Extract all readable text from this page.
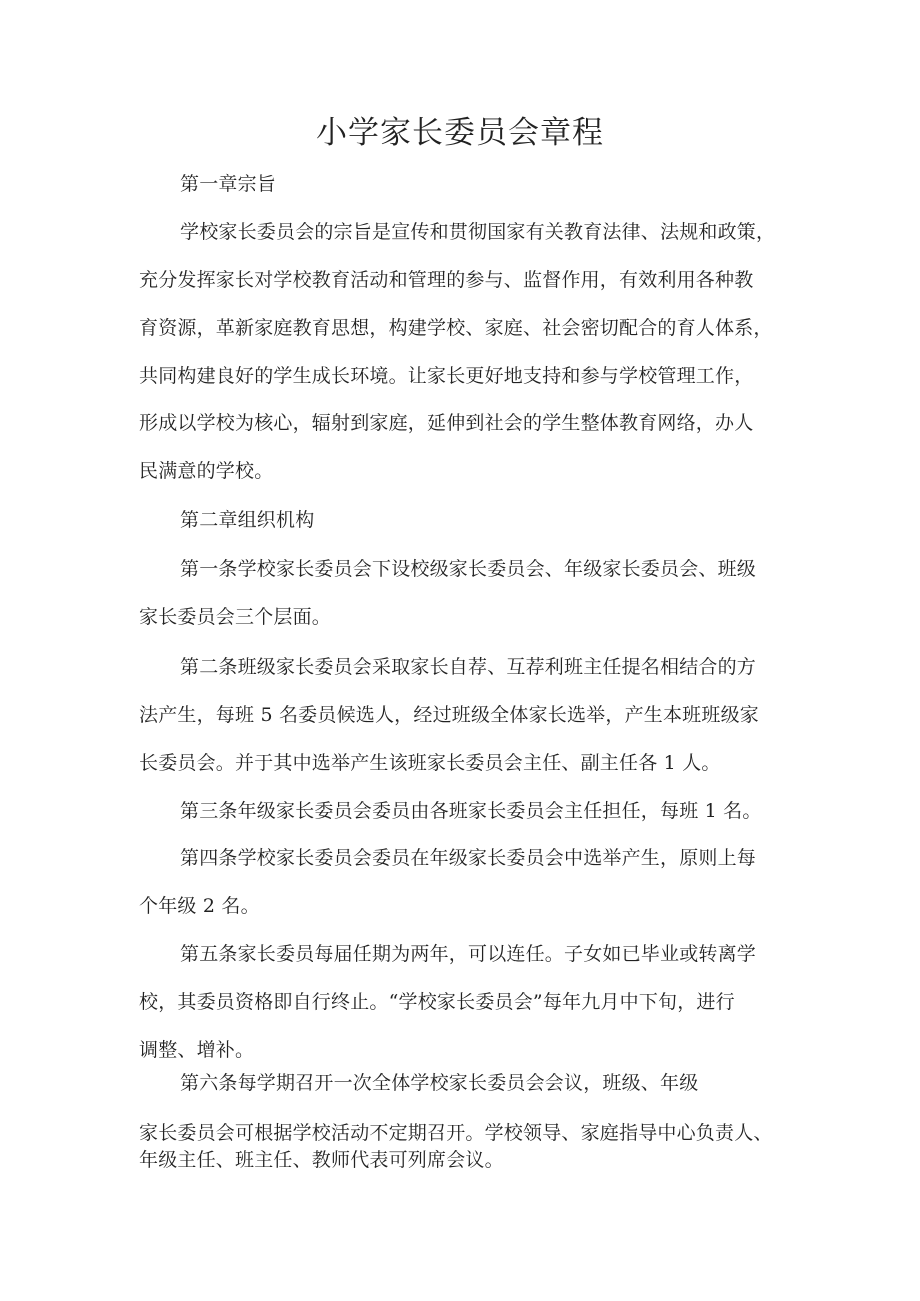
小学家长委员会章程
第一章宗旨
学校家长委员会的宗旨是宣传和贯彻国家有关教育法律、法规和政策，
充分发挥家长对学校教育活动和管理的参与、监督作用，有效利用各种教
育资源，革新家庭教育思想，构建学校、家庭、社会密切配合的育人体系，
共同构建良好的学生成长环境。让家长更好地支持和参与学校管理工作，
形成以学校为核心，辐射到家庭，延伸到社会的学生整体教育网络，办人
民满意的学校。
第二章组织机构
第一条学校家长委员会下设校级家长委员会、年级家长委员会、班级
家长委员会三个层面。
第二条班级家长委员会采取家长自荐、互荐利班主任提名相结合的方
法产生，每班 5 名委员候选人，经过班级全体家长选举，产生本班班级家
长委员会。并于其中选举产生该班家长委员会主任、副主任各 1 人。
第三条年级家长委员会委员由各班家长委员会主任担任，每班 1 名。
第四条学校家长委员会委员在年级家长委员会中选举产生，原则上每
个年级 2 名。
第五条家长委员每届任期为两年，可以连任。子女如已毕业或转离学
校，其委员资格即自行终止。“学校家长委员会”每年九月中下旬，进行
调整、增补。
第六条每学期召开一次全体学校家长委员会会议，班级、年级
家长委员会可根据学校活动不定期召开。学校领导、家庭指导中心负责人、
年级主任、班主任、教师代表可列席会议。
